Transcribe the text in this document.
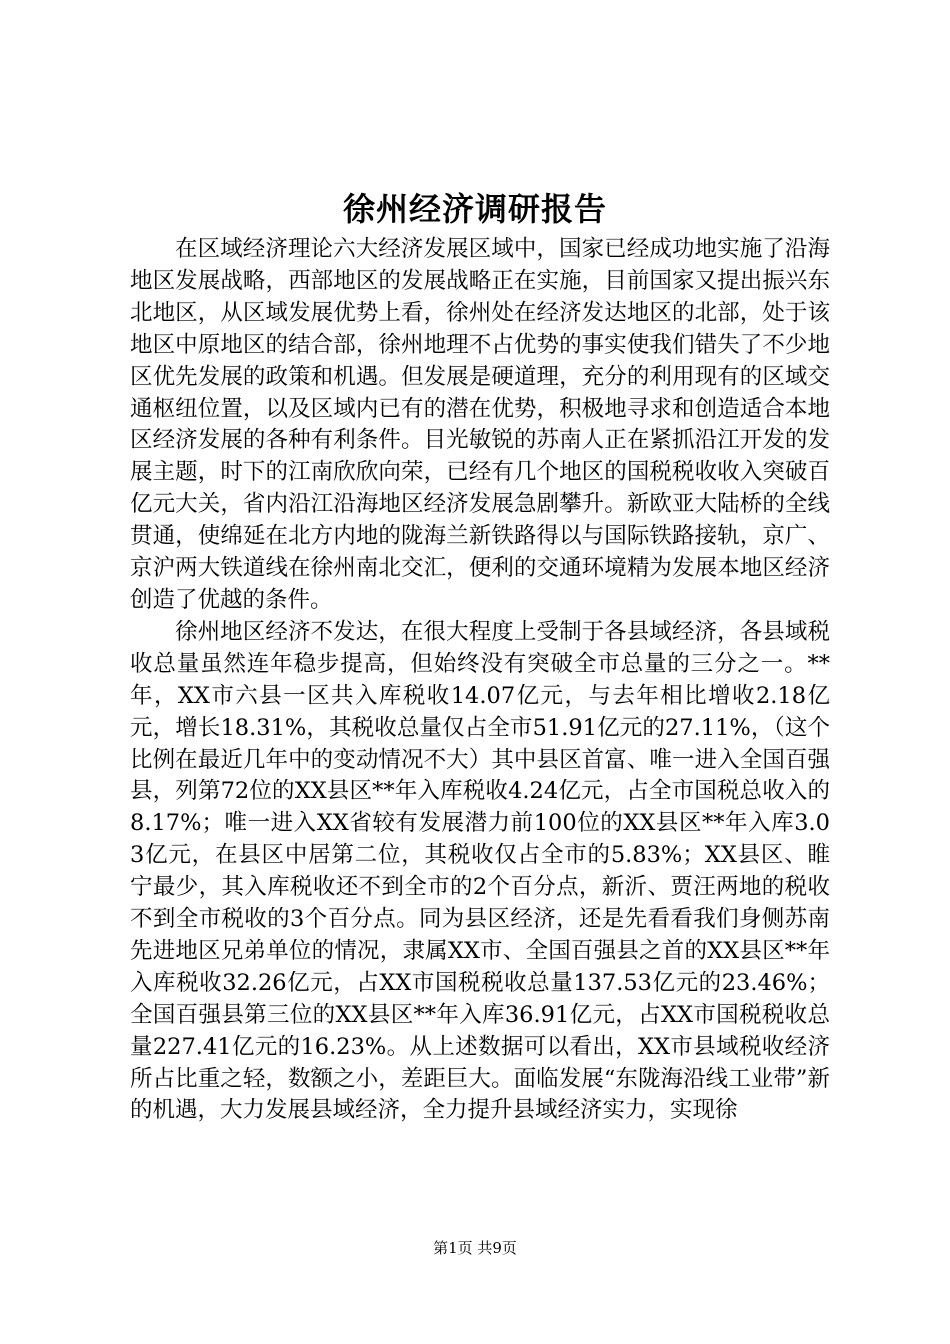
徐州经济调研报告

在区域经济理论六大经济发展区域中，国家已经成功地实施了沿海地区发展战略，西部地区的发展战略正在实施，目前国家又提出振兴东北地区，从区域发展优势上看，徐州处在经济发达地区的北部，处于该地区中原地区的结合部，徐州地理不占优势的事实使我们错失了不少地区优先发展的政策和机遇。但发展是硬道理，充分的利用现有的区域交通枢纽位置，以及区域内已有的潜在优势，积极地寻求和创造适合本地区经济发展的各种有利条件。目光敏锐的苏南人正在紧抓沿江开发的发展主题，时下的江南欣欣向荣，已经有几个地区的国税税收收入突破百亿元大关，省内沿江沿海地区经济发展急剧攀升。新欧亚大陆桥的全线贯通，使绵延在北方内地的陇海兰新铁路得以与国际铁路接轨，京广、京沪两大铁道线在徐州南北交汇，便利的交通环境精为发展本地区经济创造了优越的条件。

徐州地区经济不发达，在很大程度上受制于各县域经济，各县域税收总量虽然连年稳步提高，但始终没有突破全市总量的三分之一。**年，XX市六县一区共入库税收14.07亿元，与去年相比增收2.18亿元，增长18.31%，其税收总量仅占全市51.91亿元的27.11%，（这个比例在最近几年中的变动情况不大）其中县区首富、唯一进入全国百强县，列第72位的XX县区**年入库税收4.24亿元，占全市国税总收入的8.17%；唯一进入XX省较有发展潜力前100位的XX县区**年入库3.03亿元，在县区中居第二位，其税收仅占全市的5.83%；XX县区、睢宁最少，其入库税收还不到全市的2个百分点，新沂、贾汪两地的税收不到全市税收的3个百分点。同为县区经济，还是先看看我们身侧苏南先进地区兄弟单位的情况，隶属XX市、全国百强县之首的XX县区**年入库税收32.26亿元，占XX市国税税收总量137.53亿元的23.46%；全国百强县第三位的XX县区**年入库36.91亿元，占XX市国税税收总量227.41亿元的16.23%。从上述数据可以看出，XX市县域税收经济所占比重之轻，数额之小，差距巨大。面临发展“东陇海沿线工业带”新的机遇，大力发展县域经济，全力提升县域经济实力，实现徐

第1页 共9页
